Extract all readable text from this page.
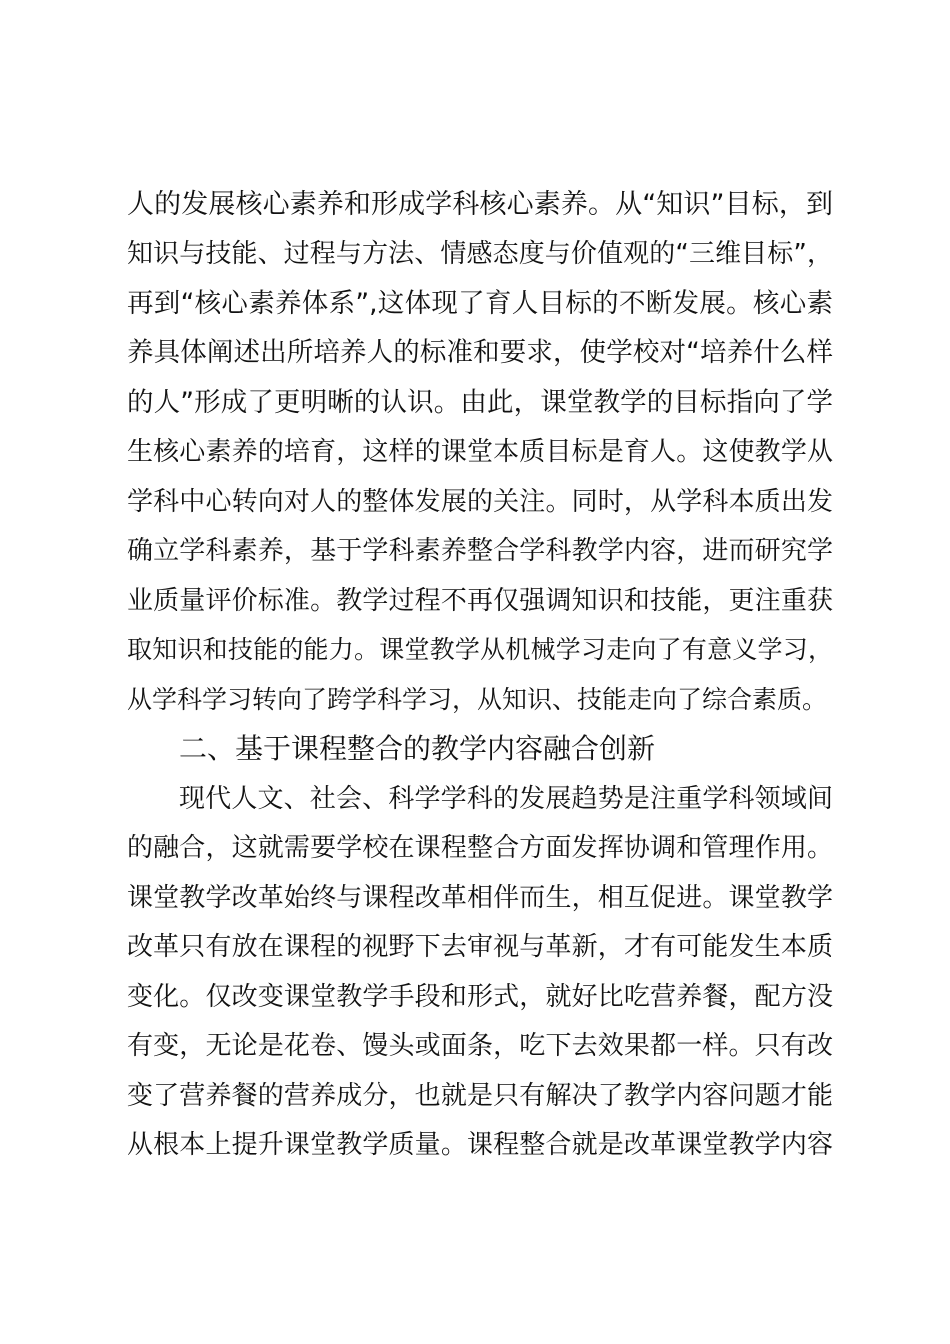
人的发展核心素养和形成学科核心素养。从“知识”目标，到
知识与技能、过程与方法、情感态度与价值观的“三维目标”，
再到“核心素养体系”,这体现了育人目标的不断发展。核心素
养具体阐述出所培养人的标准和要求，使学校对“培养什么样
的人”形成了更明晰的认识。由此，课堂教学的目标指向了学
生核心素养的培育，这样的课堂本质目标是育人。这使教学从
学科中心转向对人的整体发展的关注。同时，从学科本质出发
确立学科素养，基于学科素养整合学科教学内容，进而研究学
业质量评价标准。教学过程不再仅强调知识和技能，更注重获
取知识和技能的能力。课堂教学从机械学习走向了有意义学习，
从学科学习转向了跨学科学习，从知识、技能走向了综合素质。
二、基于课程整合的教学内容融合创新
现代人文、社会、科学学科的发展趋势是注重学科领域间
的融合，这就需要学校在课程整合方面发挥协调和管理作用。
课堂教学改革始终与课程改革相伴而生，相互促进。课堂教学
改革只有放在课程的视野下去审视与革新，才有可能发生本质
变化。仅改变课堂教学手段和形式，就好比吃营养餐，配方没
有变，无论是花卷、馒头或面条，吃下去效果都一样。只有改
变了营养餐的营养成分，也就是只有解决了教学内容问题才能
从根本上提升课堂教学质量。课程整合就是改革课堂教学内容
